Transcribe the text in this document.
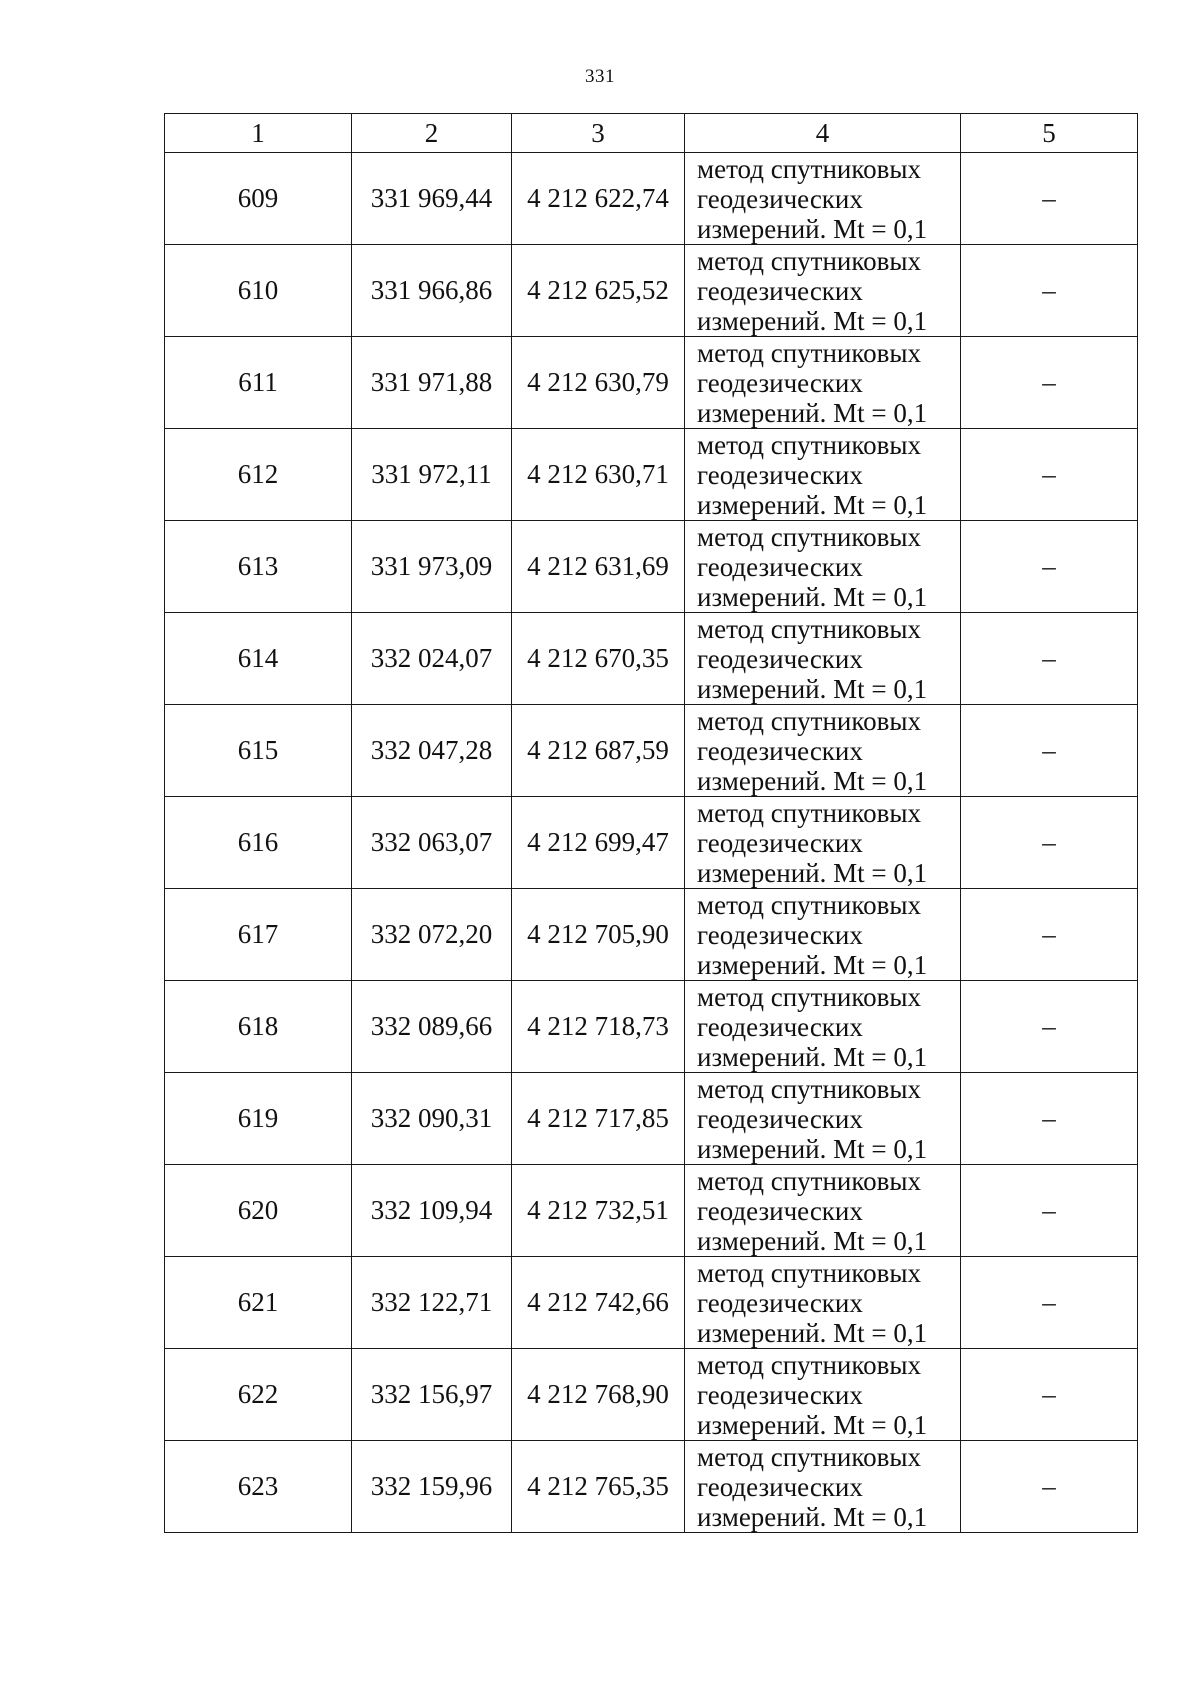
331
1	2	3	4	5
609	331 969,44	4 212 622,74	метод спутниковых
геодезических
измерений. Mt = 0,1	–
610	331 966,86	4 212 625,52	метод спутниковых
геодезических
измерений. Mt = 0,1	–
611	331 971,88	4 212 630,79	метод спутниковых
геодезических
измерений. Mt = 0,1	–
612	331 972,11	4 212 630,71	метод спутниковых
геодезических
измерений. Mt = 0,1	–
613	331 973,09	4 212 631,69	метод спутниковых
геодезических
измерений. Mt = 0,1	–
614	332 024,07	4 212 670,35	метод спутниковых
геодезических
измерений. Mt = 0,1	–
615	332 047,28	4 212 687,59	метод спутниковых
геодезических
измерений. Mt = 0,1	–
616	332 063,07	4 212 699,47	метод спутниковых
геодезических
измерений. Mt = 0,1	–
617	332 072,20	4 212 705,90	метод спутниковых
геодезических
измерений. Mt = 0,1	–
618	332 089,66	4 212 718,73	метод спутниковых
геодезических
измерений. Mt = 0,1	–
619	332 090,31	4 212 717,85	метод спутниковых
геодезических
измерений. Mt = 0,1	–
620	332 109,94	4 212 732,51	метод спутниковых
геодезических
измерений. Mt = 0,1	–
621	332 122,71	4 212 742,66	метод спутниковых
геодезических
измерений. Mt = 0,1	–
622	332 156,97	4 212 768,90	метод спутниковых
геодезических
измерений. Mt = 0,1	–
623	332 159,96	4 212 765,35	метод спутниковых
геодезических
измерений. Mt = 0,1	–
